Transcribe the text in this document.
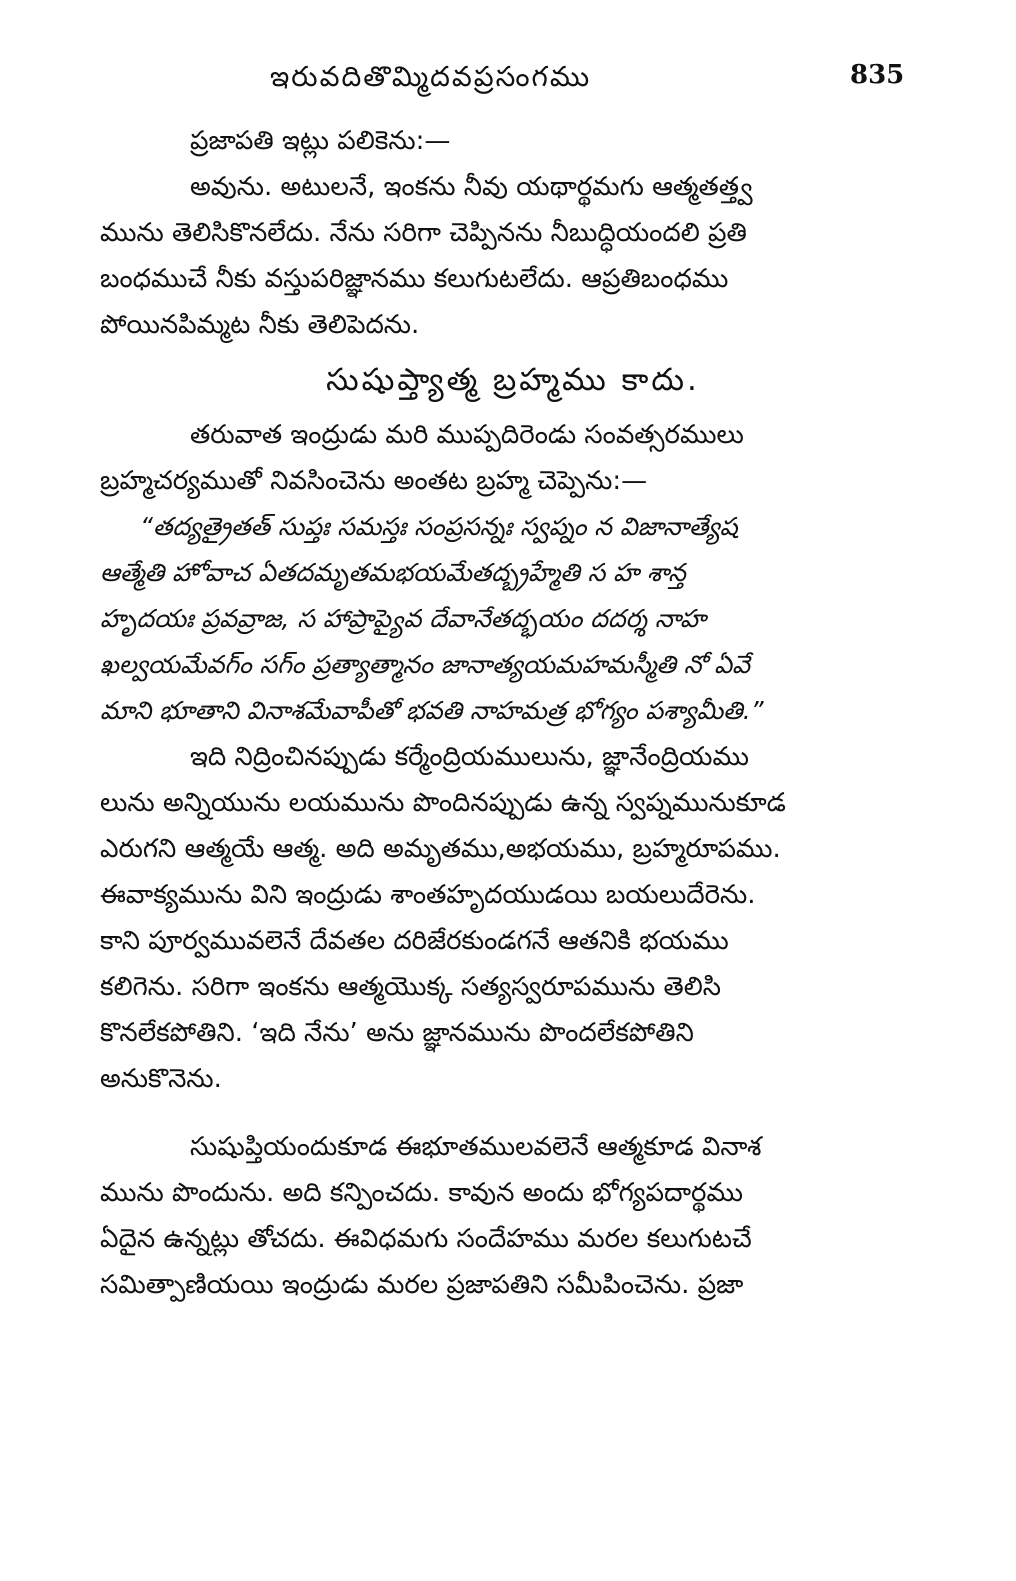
ఇరువదితొమ్మిదవప్రసంగము	835
ప్రజాపతి ఇట్లు పలికెను:—
అవును. అటులనే, ఇంకను నీవు యథార్థమగు ఆత్మతత్త్వ
మును తెలిసికొనలేదు. నేను సరిగా చెప్పినను నీబుద్ధియందలి ప్రతి
బంధముచే నీకు వస్తుపరిజ్ఞానము కలుగుటలేదు. ఆప్రతిబంధము
పోయినపిమ్మట నీకు తెలిపెదను.
సుషుప్త్యాత్మ బ్రహ్మము కాదు.
తరువాత ఇంద్రుడు మరి ముప్పదిరెండు సంవత్సరములు
బ్రహ్మచర్యముతో నివసించెను అంతట బ్రహ్మ చెప్పెను:—
“తద్యత్రైతత్ సుప్తః సమస్తః సంప్రసన్నః స్వప్నం న విజానాత్యేష
ఆత్మేతి హోవాచ ఏతదమృతమభయమేతద్బ్రహ్మేతి స హ శాన్త
హృదయః ప్రవవ్రాజ, స హాప్రాప్యైవ దేవానేతద్భయం దదర్శ నాహ
ఖల్వయమేవగ్ం సగ్ం ప్రత్యాత్మానం జానాత్యయమహమస్మీతి నో ఏవే
మాని భూతాని వినాశమేవాపీతో భవతి నాహమత్ర భోగ్యం పశ్యామీతి.”
ఇది నిద్రించినప్పుడు కర్మేంద్రియములును, జ్ఞానేంద్రియము
లును అన్నియును లయమును పొందినప్పుడు ఉన్న స్వప్నమునుకూడ
ఎరుగని ఆత్మయే ఆత్మ. అది అమృతము,అభయము, బ్రహ్మరూపము.
ఈవాక్యమును విని ఇంద్రుడు శాంతహృదయుడయి బయలుదేరెను.
కాని పూర్వమువలెనే దేవతల దరిజేరకుండగనే ఆతనికి భయము
కలిగెను. సరిగా ఇంకను ఆత్మయొక్క సత్యస్వరూపమును తెలిసి
కొనలేకపోతిని. ‘ఇది నేను’ అను జ్ఞానమును పొందలేకపోతిని
అనుకొనెను.
సుషుప్తియందుకూడ ఈభూతములవలెనే ఆత్మకూడ వినాశ
మును పొందును. అది కన్పించదు. కావున అందు భోగ్యపదార్థము
ఏదైన ఉన్నట్లు తోచదు. ఈవిధమగు సందేహము మరల కలుగుటచే
సమిత్పాణియయి ఇంద్రుడు మరల ప్రజాపతిని సమీపించెను. ప్రజా
